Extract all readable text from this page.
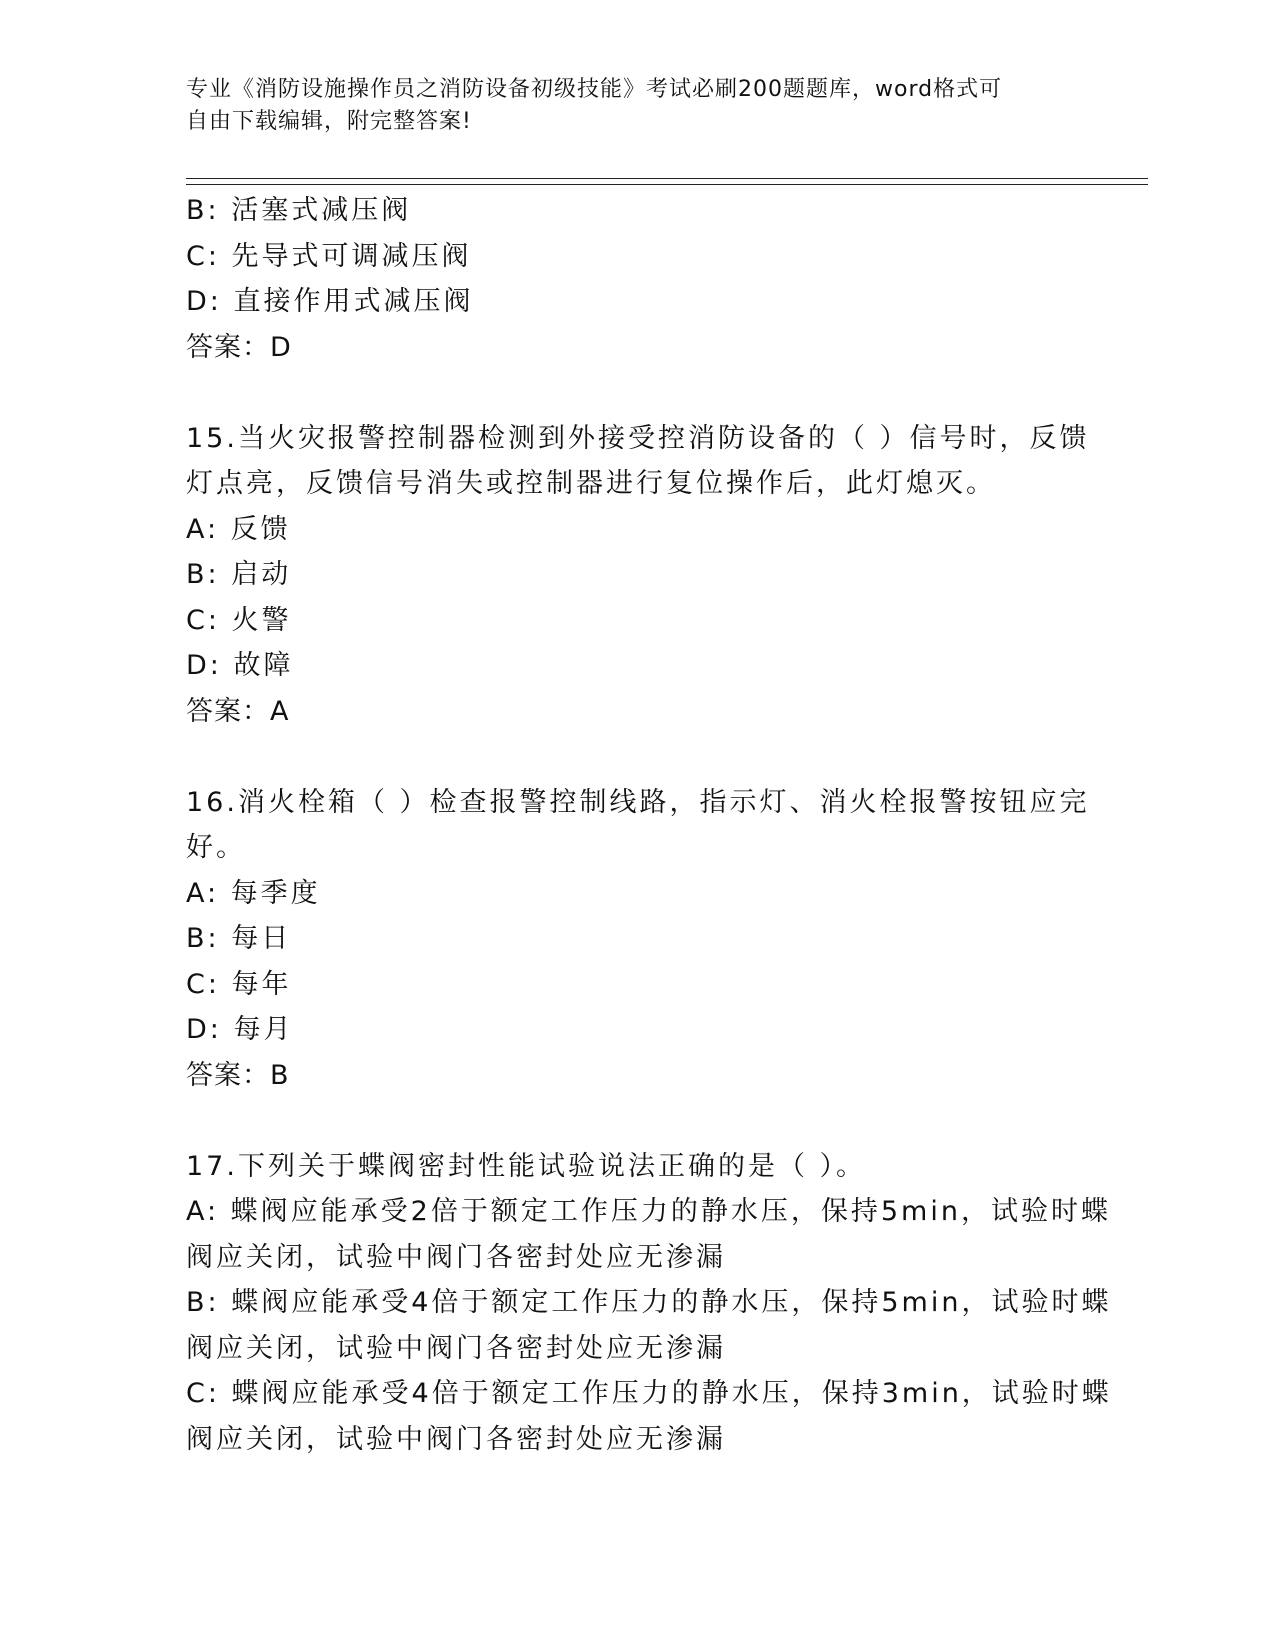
专业《消防设施操作员之消防设备初级技能》考试必刷200题题库，word格式可
自由下载编辑，附完整答案!
B: 活塞式减压阀
C: 先导式可调减压阀
D: 直接作用式减压阀
答案：D
15.当火灾报警控制器检测到外接受控消防设备的（ ）信号时，反馈
灯点亮，反馈信号消失或控制器进行复位操作后，此灯熄灭。
A: 反馈
B: 启动
C: 火警
D: 故障
答案：A
16.消火栓箱（ ）检查报警控制线路，指示灯、消火栓报警按钮应完
好。
A: 每季度
B: 每日
C: 每年
D: 每月
答案：B
17.下列关于蝶阀密封性能试验说法正确的是（ ）。
A: 蝶阀应能承受2倍于额定工作压力的静水压，保持5min，试验时蝶
阀应关闭，试验中阀门各密封处应无渗漏
B: 蝶阀应能承受4倍于额定工作压力的静水压，保持5min，试验时蝶
阀应关闭，试验中阀门各密封处应无渗漏
C: 蝶阀应能承受4倍于额定工作压力的静水压，保持3min，试验时蝶
阀应关闭，试验中阀门各密封处应无渗漏
